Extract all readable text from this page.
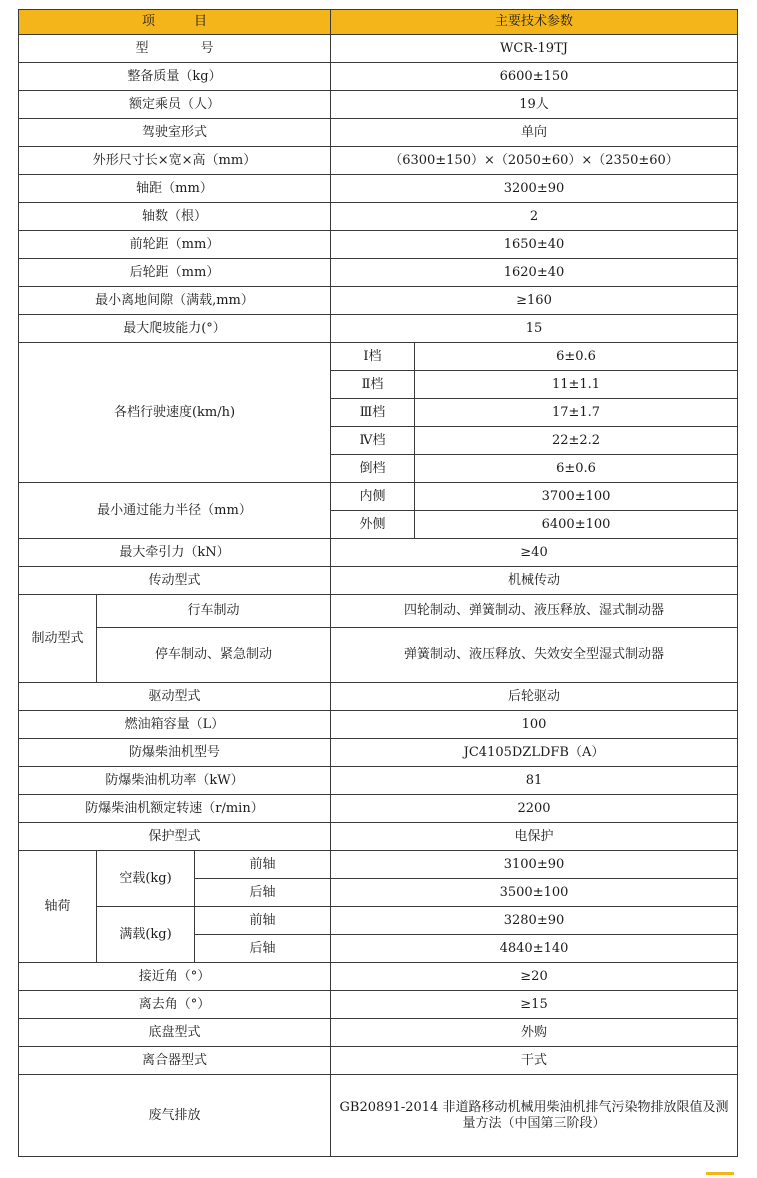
项　　　目			主要技术参数	
型　　　　号			WCR-19TJ	
整备质量（kg）			6600±150	
额定乘员（人）			19人	
驾驶室形式			单向	
外形尺寸长×宽×高（mm）			（6300±150）×（2050±60）×（2350±60）	
轴距（mm）			3200±90	
轴数（根）			2	
前轮距（mm）			1650±40	
后轮距（mm）			1620±40	
最小离地间隙（满载,mm）			≥160	
最大爬坡能力(°）			15	
各档行驶速度(km/h)			Ⅰ档	6±0.6
			Ⅱ档	11±1.1
			Ⅲ档	17±1.7
			Ⅳ档	22±2.2
			倒档	6±0.6
最小通过能力半径（mm）			内侧	3700±100
			外侧	6400±100
最大牵引力（kN）			≥40	
传动型式			机械传动	
制动型式	行车制动		四轮制动、弹簧制动、液压释放、湿式制动器	
	停车制动、紧急制动		弹簧制动、液压释放、失效安全型湿式制动器	
驱动型式			后轮驱动	
燃油箱容量（L）			100	
防爆柴油机型号			JC4105DZLDFB（A）	
防爆柴油机功率（kW）			81	
防爆柴油机额定转速（r/min）			2200	
保护型式			电保护	
轴荷	空载(kg)	前轴	3100±90	
		后轴	3500±100	
	满载(kg)	前轴	3280±90	
		后轴	4840±140	
接近角（°）			≥20	
离去角（°）			≥15	
底盘型式			外购	
离合器型式			干式	
废气排放			GB20891-2014 非道路移动机械用柴油机排气污染物排放限值及测量方法（中国第三阶段）	
